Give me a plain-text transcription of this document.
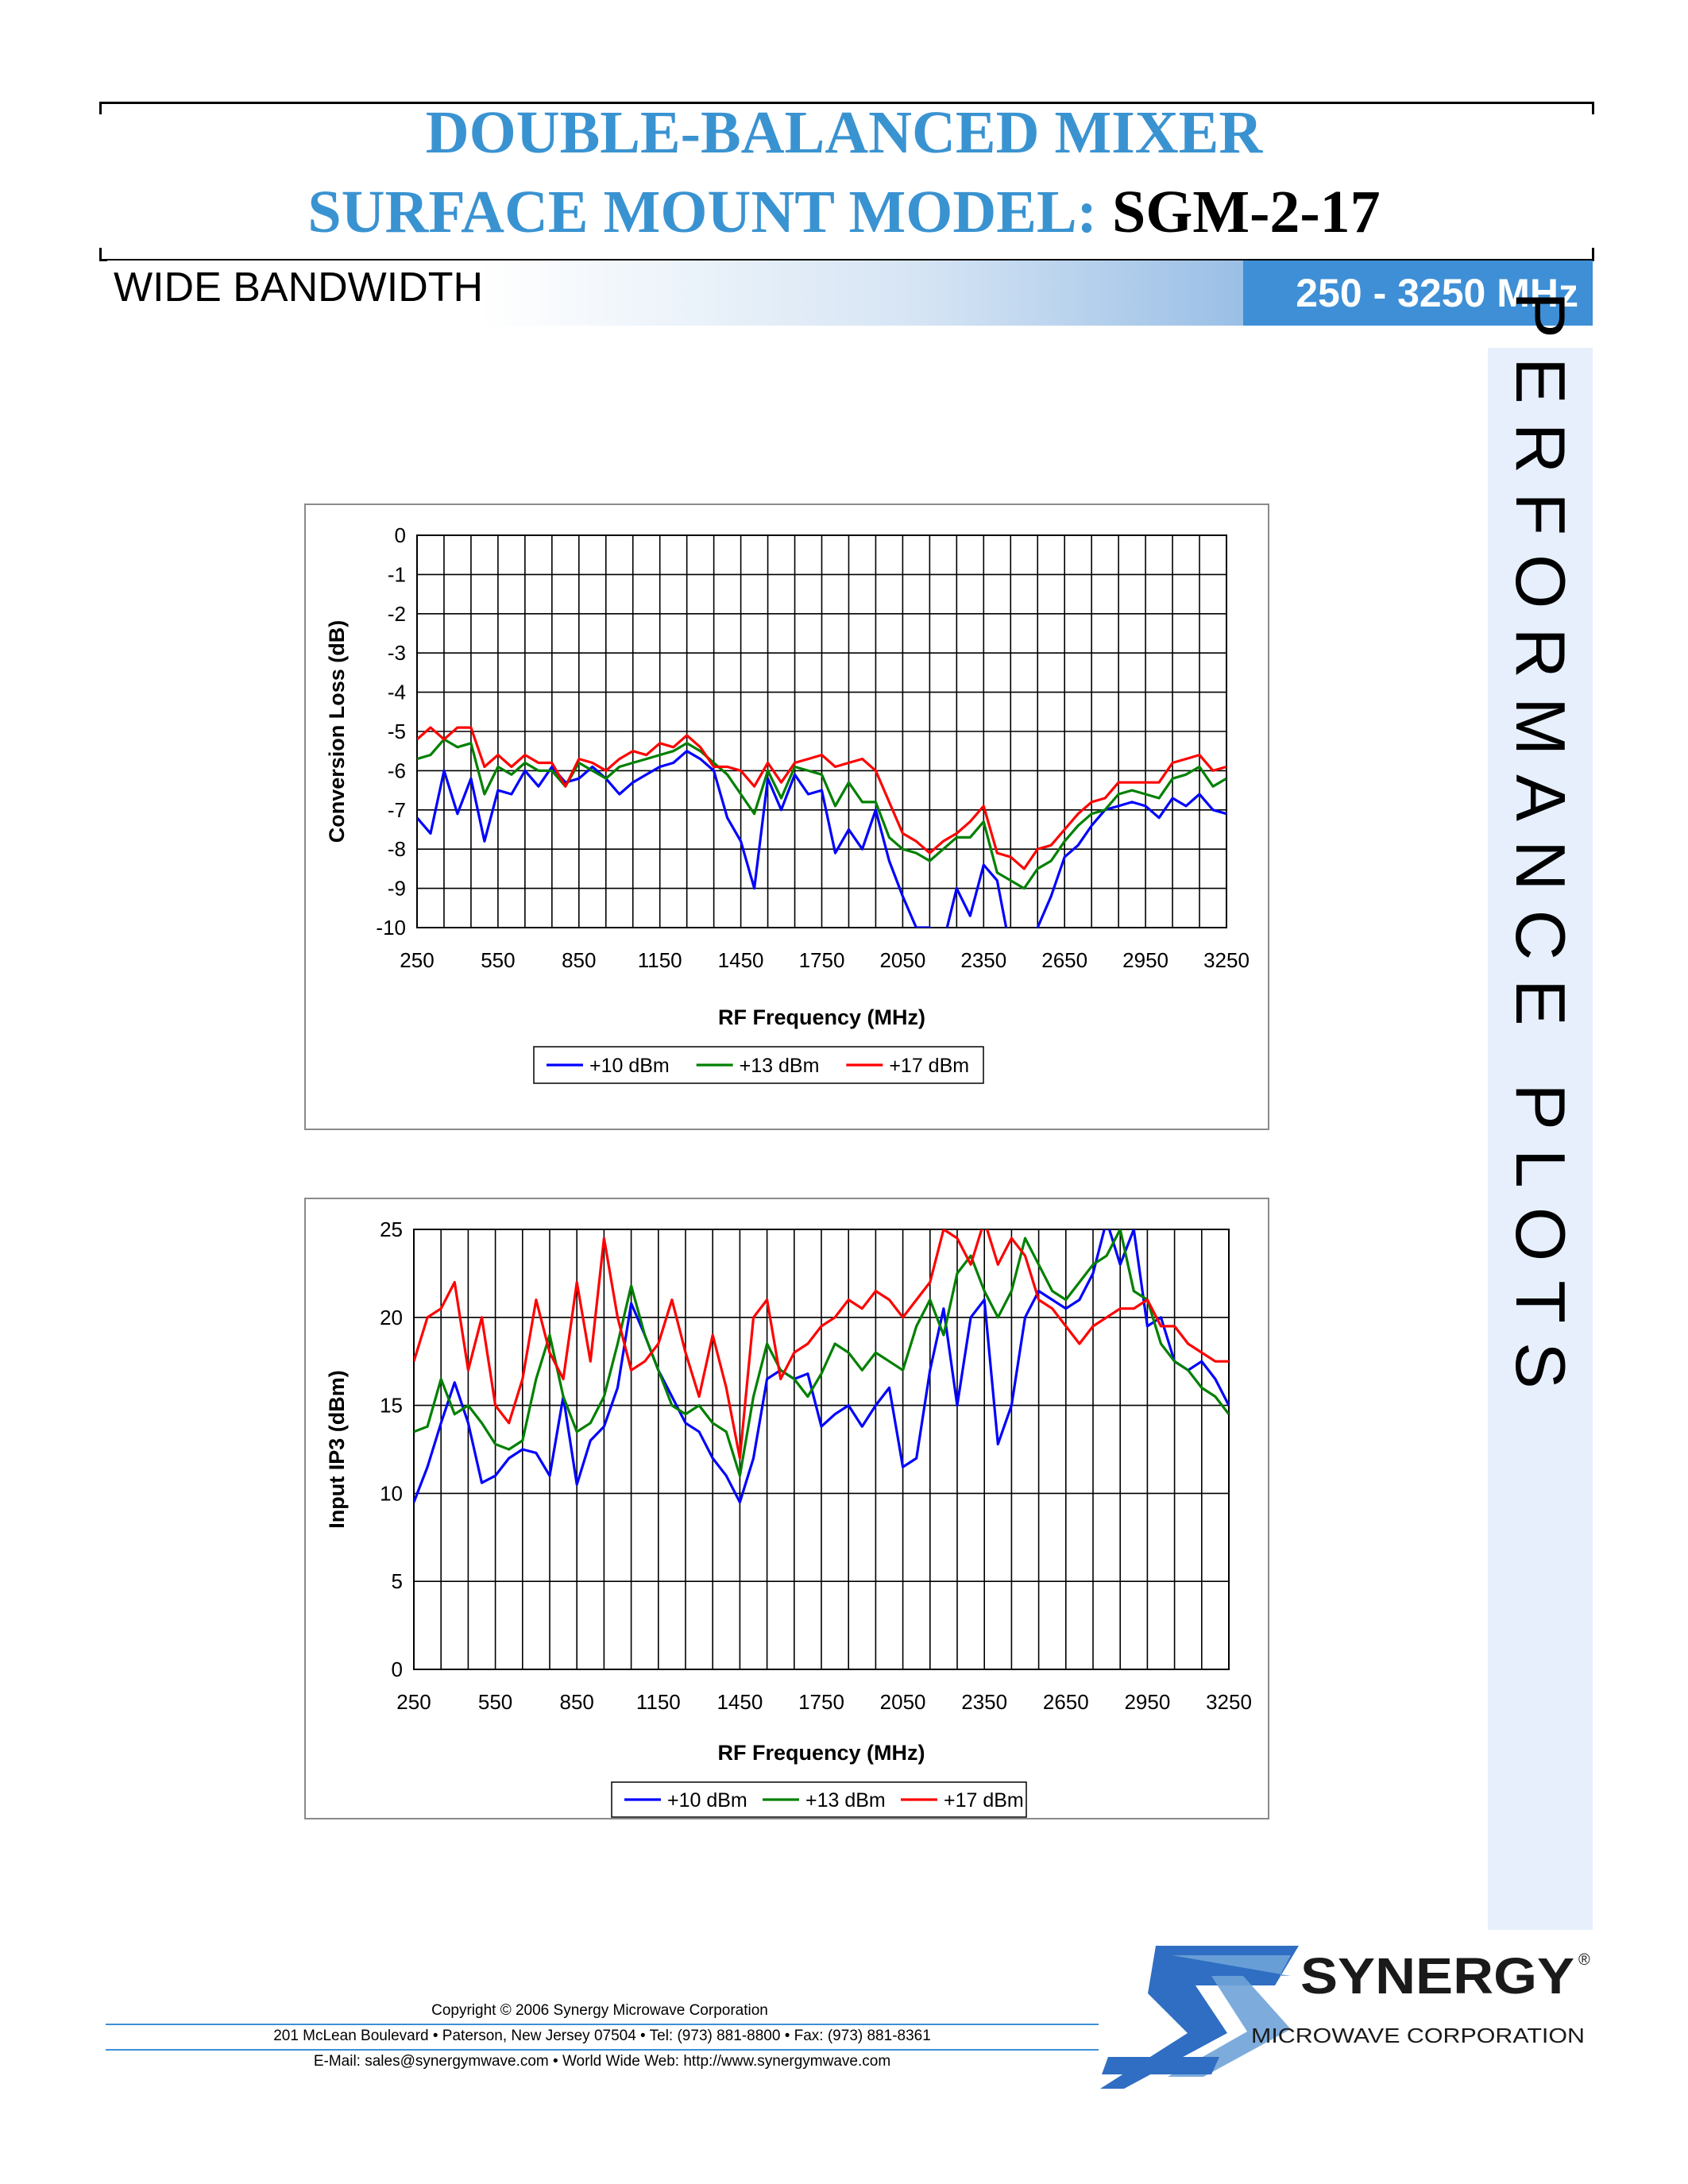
DOUBLE-BALANCED MIXER
SURFACE MOUNT MODEL: SGM-2-17
WIDE BANDWIDTH	250 - 3250 MHz
PERFORMANCE PLOTS
250 550 850 1150 1450 1750 2050 2350 2650 2950 3250
0
-1
-2
-3
-4
-5
-6
-7
-8
-9
-10
RF Frequency (MHz)
Conversion Loss (dB)
+10 dBm	+13 dBm	+17 dBm
250 550 850 1150 1450 1750 2050 2350 2650 2950 3250
25
20
15
10
5
0
RF Frequency (MHz)
Input IP3 (dBm)
+10 dBm	+13 dBm	+17 dBm
Copyright © 2006 Synergy Microwave Corporation
201 McLean Boulevard • Paterson, New Jersey 07504 • Tel: (973) 881-8800 • Fax: (973) 881-8361
E-Mail: sales@synergymwave.com • World Wide Web: http://www.synergymwave.com
SYNERGY ®
MICROWAVE CORPORATION
